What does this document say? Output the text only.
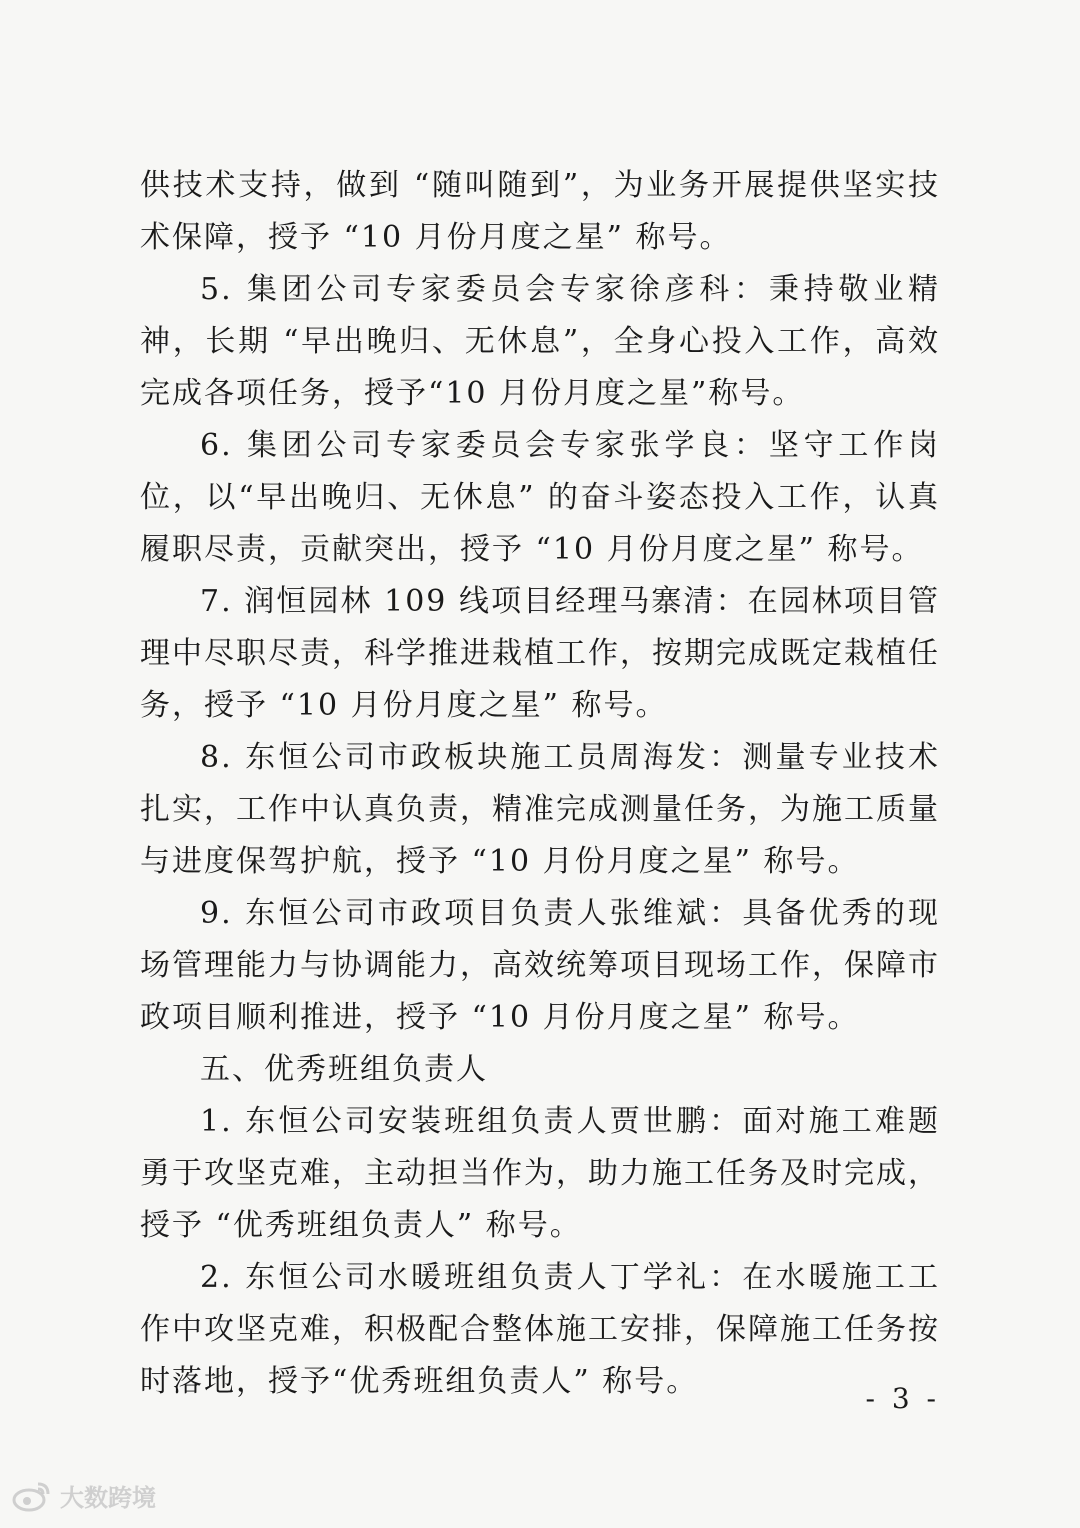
供技术支持，做到 “随叫随到”，为业务开展提供坚实技术保障，授予 “10 月份月度之星” 称号。

5. 集团公司专家委员会专家徐彦科：秉持敬业精神，长期 “早出晚归、无休息”，全身心投入工作，高效完成各项任务，授予“10 月份月度之星”称号。

6. 集团公司专家委员会专家张学良：坚守工作岗位，以“早出晚归、无休息” 的奋斗姿态投入工作，认真履职尽责，贡献突出，授予 “10 月份月度之星” 称号。

7. 润恒园林 109 线项目经理马寨清：在园林项目管理中尽职尽责，科学推进栽植工作，按期完成既定栽植任务，授予 “10 月份月度之星” 称号。

8. 东恒公司市政板块施工员周海发：测量专业技术扎实，工作中认真负责，精准完成测量任务，为施工质量与进度保驾护航，授予 “10 月份月度之星” 称号。

9. 东恒公司市政项目负责人张维斌：具备优秀的现场管理能力与协调能力，高效统筹项目现场工作，保障市政项目顺利推进，授予 “10 月份月度之星” 称号。

五、优秀班组负责人

1. 东恒公司安装班组负责人贾世鹏：面对施工难题勇于攻坚克难，主动担当作为，助力施工任务及时完成，授予 “优秀班组负责人” 称号。

2. 东恒公司水暖班组负责人丁学礼：在水暖施工工作中攻坚克难，积极配合整体施工安排，保障施工任务按时落地，授予“优秀班组负责人” 称号。	- 3 -
大数跨境
